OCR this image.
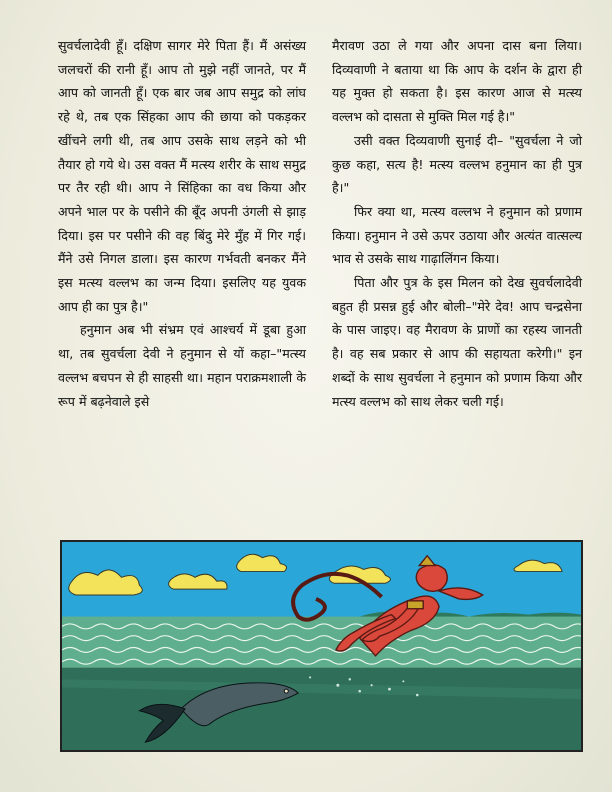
सुवर्चलादेवी हूँ। दक्षिण सागर मेरे पिता हैं। मैं असंख्य जलचरों की रानी हूँ। आप तो मुझे नहीं जानते, पर मैं आप को जानती हूँ। एक बार जब आप समुद्र को लांघ रहे थे, तब एक सिंहका आप की छाया को पकड़कर खींचने लगी थी, तब आप उसके साथ लड़ने को भी तैयार हो गये थे। उस वक्त मैं मत्स्य शरीर के साथ समुद्र पर तैर रही थी। आप ने सिंहिका का वध किया और अपने भाल पर के पसीने की बूँद अपनी उंगली से झाड़ दिया। इस पर पसीने की वह बिंदु मेरे मुँह में गिर गई। मैंने उसे निगल डाला। इस कारण गर्भवती बनकर मैंने इस मत्स्य वल्लभ का जन्म दिया। इसलिए यह युवक आप ही का पुत्र है।"

हनुमान अब भी संभ्रम एवं आश्चर्य में डूबा हुआ था, तब सुवर्चला देवी ने हनुमान से यों कहा–"मत्स्य वल्लभ बचपन से ही साहसी था। महान पराक्रमशाली के रूप में बढ़नेवाले इसे

मैरावण उठा ले गया और अपना दास बना लिया। दिव्यवाणी ने बताया था कि आप के दर्शन के द्वारा ही यह मुक्त हो सकता है। इस कारण आज से मत्स्य वल्लभ को दासता से मुक्ति मिल गई है।"

उसी वक्त दिव्यवाणी सुनाई दी– "सुवर्चला ने जो कुछ कहा, सत्य है! मत्स्य वल्लभ हनुमान का ही पुत्र है।"

फिर क्या था, मत्स्य वल्लभ ने हनुमान को प्रणाम किया। हनुमान ने उसे ऊपर उठाया और अत्यंत वात्सल्य भाव से उसके साथ गाढ़ालिंगन किया।

पिता और पुत्र के इस मिलन को देख सुवर्चलादेवी बहुत ही प्रसन्न हुई और बोली–"मेरे देव! आप चन्द्रसेना के पास जाइए। वह मैरावण के प्राणों का रहस्य जानती है। वह सब प्रकार से आप की सहायता करेगी।" इन शब्दों के साथ सुवर्चला ने हनुमान को प्रणाम किया और मत्स्य वल्लभ को साथ लेकर चली गई।
